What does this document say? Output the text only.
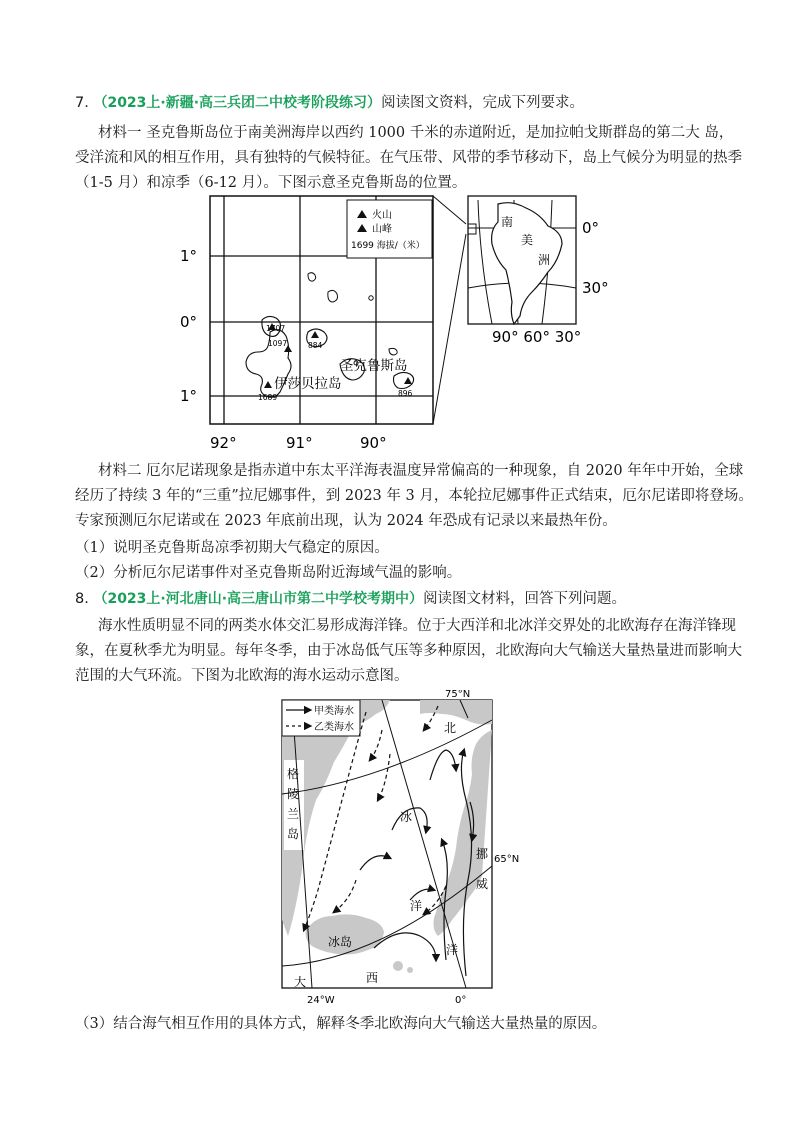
7. （2023上·新疆·高三兵团二中校考阶段练习）阅读图文资料，完成下列要求。
材料一 圣克鲁斯岛位于南美洲海岸以西约 1000 千米的赤道附近，是加拉帕戈斯群岛的第二大 岛，
受洋流和风的相互作用，具有独特的气候特征。在气压带、风带的季节移动下，岛上气候分为明显的热季
（1-5 月）和凉季（6-12 月）。下图示意圣克鲁斯岛的位置。
火山
山峰
1699 海拔/（米）
1707
1097	884
1689	896
圣克鲁斯岛
伊莎贝拉岛
1°
0°
1°
92°	91°	90°
南
美
洲
0°
30°
90° 60° 30°
材料二 厄尔尼诺现象是指赤道中东太平洋海表温度异常偏高的一种现象，自 2020 年年中开始，全球
经历了持续 3 年的“三重”拉尼娜事件，到 2023 年 3 月，本轮拉尼娜事件正式结束，厄尔尼诺即将登场。
专家预测厄尔尼诺或在 2023 年底前出现，认为 2024 年恐成有记录以来最热年份。
（1）说明圣克鲁斯岛凉季初期大气稳定的原因。
（2）分析厄尔尼诺事件对圣克鲁斯岛附近海域气温的影响。
8. （2023上·河北唐山·高三唐山市第二中学校考期中）阅读图文材料，回答下列问题。
海水性质明显不同的两类水体交汇易形成海洋锋。位于大西洋和北冰洋交界处的北欧海存在海洋锋现
象，在夏秋季尤为明显。每年冬季，由于冰岛低气压等多种原因，北欧海向大气输送大量热量进而影响大
范围的大气环流。下图为北欧海的海水运动示意图。
甲类海水
乙类海水
75°N
65°N
24°W	0°
格
陵
兰
岛
北
冰
洋
挪
威
冰岛
洋
大	西
（3）结合海气相互作用的具体方式，解释冬季北欧海向大气输送大量热量的原因。
